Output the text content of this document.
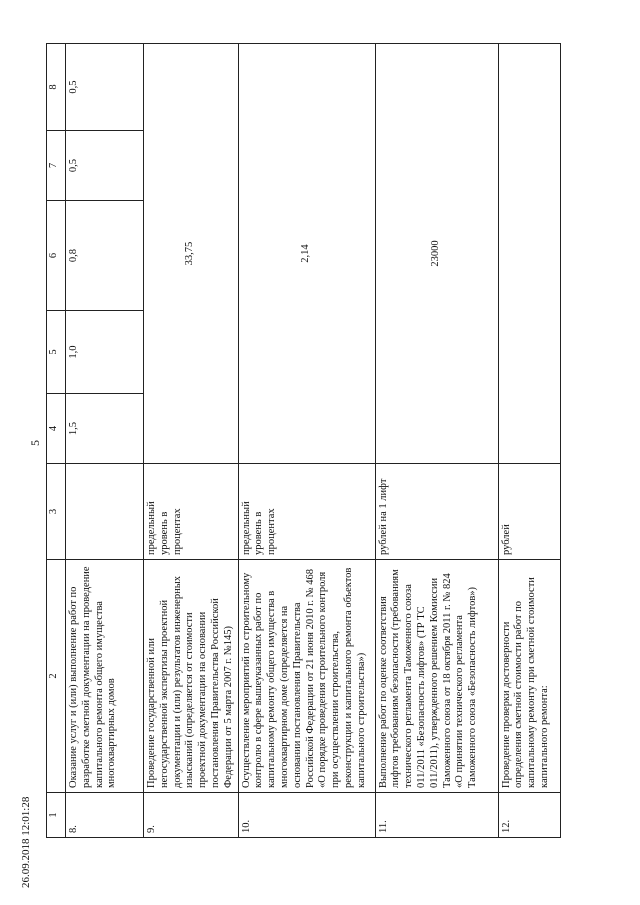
5
1	2	3	4	5	6	7	8
8.	Оказание услуг и (или) выполнение работ по разработке сметной документации на проведение капитального ремонта общего имущества многоквартирных домов		1,5	1,0	0,8	0,5	0,5
9.	Проведение государственной или негосударственной экспертизы проектной документации и (или) результатов инженерных изысканий (определяется от стоимости проектной документации на основании постановления Правительства Российской Федерации от 5 марта 2007 г. №145)	предельный уровень в процентах	33,75				
10.	Осуществление мероприятий по строительному контролю в сфере вышеуказанных работ по капитальному ремонту общего имущества в многоквартирном доме (определяется на основании постановления Правительства Российской Федерации от 21 июня 2010 г. № 468 «О порядке проведения строительного контроля при осуществлении строительства, реконструкции и капитального ремонта объектов капитального строительства»)	предельный уровень в процентах	2,14				
11.	Выполнение работ по оценке соответствия лифтов требованиям безопасности (требованиям технического регламента Таможенного союза 011/2011 «Безопасность лифтов» (ТР ТС 011/2011), утвержденного решением Комиссии Таможенного союза от 18 октября 2011 г. № 824 «О принятии технического регламента Таможенного союза «Безопасность лифтов»)	рублей на 1 лифт	23000				
12.	Проведение проверки достоверности определения сметной стоимости работ по капитальному ремонту при сметной стоимости капитального ремонта:	рублей					
26.09.2018 12:01:28
